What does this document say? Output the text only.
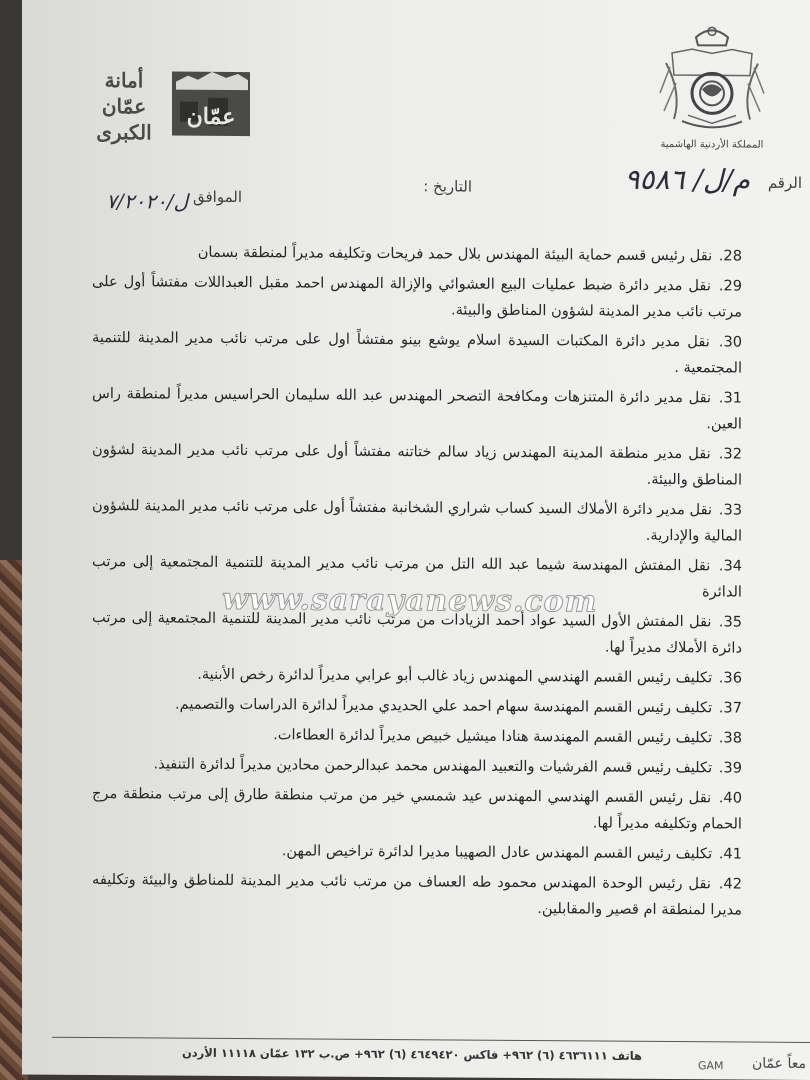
المملكة الأردنية الهاشمية
أمانة
عمّان
الكبرى
عمّان
الرقم
م/ل/ ٩٥٨٦
التاريخ :
الموافق
ل/٧/٢٠٢٠
28. نقل رئيس قسم حماية البيئة المهندس بلال حمد فريحات وتكليفه مديراً لمنطقة بسمان
29. نقل مدير دائرة ضبط عمليات البيع العشوائي والإزالة المهندس احمد مقبل العبداللات مفتشاً أول على مرتب نائب مدير المدينة لشؤون المناطق والبيئة.
30. نقل مدير دائرة المكتبات السيدة اسلام يوشع بينو مفتشاً اول على مرتب نائب مدير المدينة للتنمية المجتمعية .
31. نقل مدير دائرة المتنزهات ومكافحة التصحر المهندس عبد الله سليمان الحراسيس مديراً لمنطقة راس العين.
32. نقل مدير منطقة المدينة المهندس زياد سالم ختاتنه مفتشاً أول على مرتب نائب مدير المدينة لشؤون المناطق والبيئة.
33. نقل مدير دائرة الأملاك السيد كساب شراري الشخانبة مفتشاً أول على مرتب نائب مدير المدينة للشؤون المالية والإدارية.
34. نقل المفتش المهندسة شيما عبد الله التل من مرتب نائب مدير المدينة للتنمية المجتمعية إلى مرتب الدائرة
35. نقل المفتش الأول السيد عواد أحمد الزيادات من مرتب نائب مدير المدينة للتنمية المجتمعية إلى مرتب دائرة الأملاك مديراً لها.
36. تكليف رئيس القسم الهندسي المهندس زياد غالب أبو عرابي مديراً لدائرة رخص الأبنية.
37. تكليف رئيس القسم المهندسة سهام احمد علي الحديدي مديراً لدائرة الدراسات والتصميم.
38. تكليف رئيس القسم المهندسة هنادا ميشيل خبيص مديراً لدائرة العطاءات.
39. تكليف رئيس قسم الفرشيات والتعبيد المهندس محمد عبدالرحمن محادين مديراً لدائرة التنفيذ.
40. نقل رئيس القسم الهندسي المهندس عيد شمسي خير من مرتب منطقة طارق إلى مرتب منطقة مرج الحمام وتكليفه مديراً لها.
41. تكليف رئيس القسم المهندس عادل الصهيبا مديرا لدائرة تراخيص المهن.
42. نقل رئيس الوحدة المهندس محمود طه العساف من مرتب نائب مدير المدينة للمناطق والبيئة وتكليفه مديرا لمنطقة ام قصير والمقابلين.
www.sarayanews.com
هاتف ٤٦٣٦١١١ (٦) ٩٦٢+ فاكس ٤٦٤٩٤٢٠ (٦) ٩٦٢+ ص.ب ١٣٢ عمّان ١١١١٨ الأردن
GAM معاً عمّان
